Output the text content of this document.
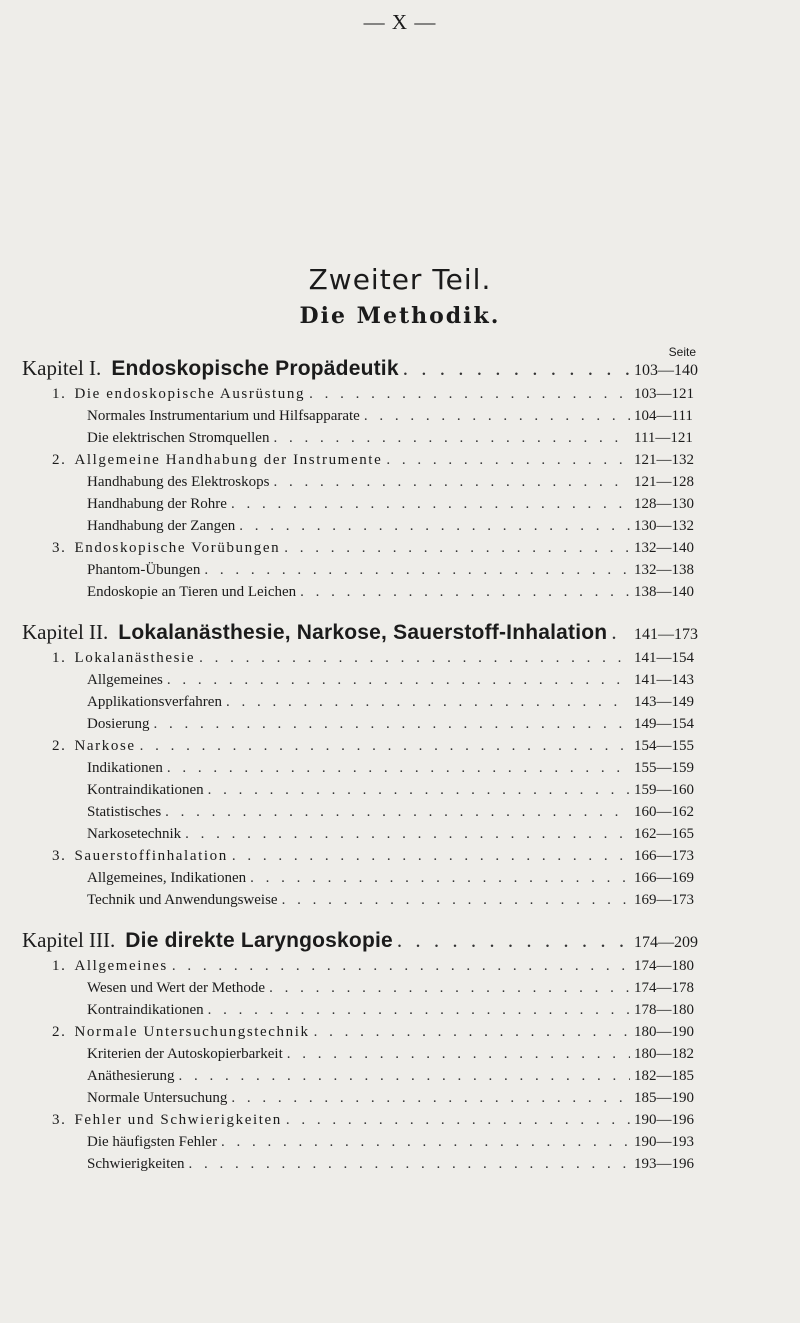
— X —
Zweiter Teil.
Die Methodik.
Seite
Kapitel I. Endoskopische Propädeutik . . .	103—140
1. Die endoskopische Ausrüstung . . .	103—121
Normales Instrumentarium und Hilfsapparate . . .	104—111
Die elektrischen Stromquellen . . .	111—121
2. Allgemeine Handhabung der Instrumente . . .	121—132
Handhabung des Elektroskops . . .	121—128
Handhabung der Rohre . . .	128—130
Handhabung der Zangen . . .	130—132
3. Endoskopische Vorübungen . . .	132—140
Phantom-Übungen . . .	132—138
Endoskopie an Tieren und Leichen . . .	138—140
Kapitel II. Lokalanästhesie, Narkose, Sauerstoff-Inhalation . . . 141—173
1. Lokalanästhesie . . .	141—154
Allgemeines . . .	141—143
Applikationsverfahren . . .	143—149
Dosierung . . .	149—154
2. Narkose . . .	154—155
Indikationen . . .	155—159
Kontraindikationen . . .	159—160
Statistisches . . .	160—162
Narkosetechnik . . .	162—165
3. Sauerstoffinhalation . . .	166—173
Allgemeines, Indikationen . . .	166—169
Technik und Anwendungsweise . . .	169—173
Kapitel III. Die direkte Laryngoskopie . . .	174—209
1. Allgemeines . . .	174—180
Wesen und Wert der Methode . . .	174—178
Kontraindikationen . . .	178—180
2. Normale Untersuchungstechnik . . .	180—190
Kriterien der Autoskopierbarkeit . . .	180—182
Anäthesierung . . .	182—185
Normale Untersuchung . . .	185—190
3. Fehler und Schwierigkeiten . . .	190—196
Die häufigsten Fehler . . .	190—193
Schwierigkeiten . . .	193—196
